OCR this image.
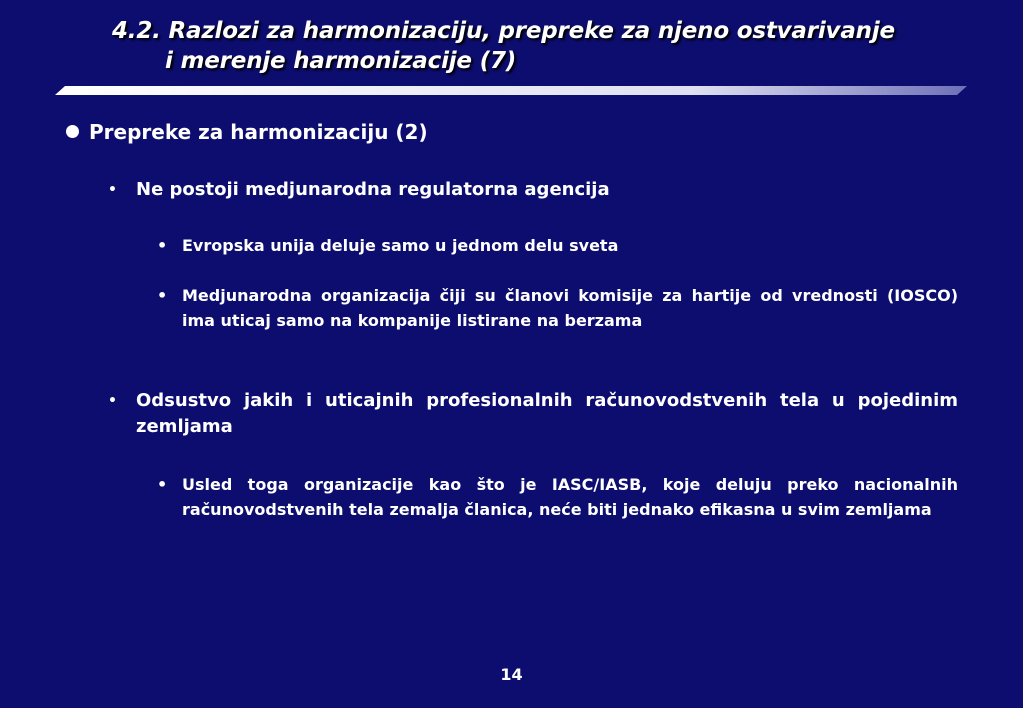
4.2. Razlozi za harmonizaciju, prepreke za njeno ostvarivanje
i merenje harmonizacije (7)
Prepreke za harmonizaciju (2)
• Ne postoji medjunarodna regulatorna agencija
• Evropska unija deluje samo u jednom delu sveta
• Medjunarodna organizacija čiji su članovi komisije za hartije od vrednosti (IOSCO) ima uticaj samo na kompanije listirane na berzama
• Odsustvo jakih i uticajnih profesionalnih računovodstvenih tela u pojedinim zemljama
• Usled toga organizacije kao što je IASC/IASB, koje deluju preko nacionalnih računovodstvenih tela zemalja članica, neće biti jednako efikasna u svim zemljama
14
